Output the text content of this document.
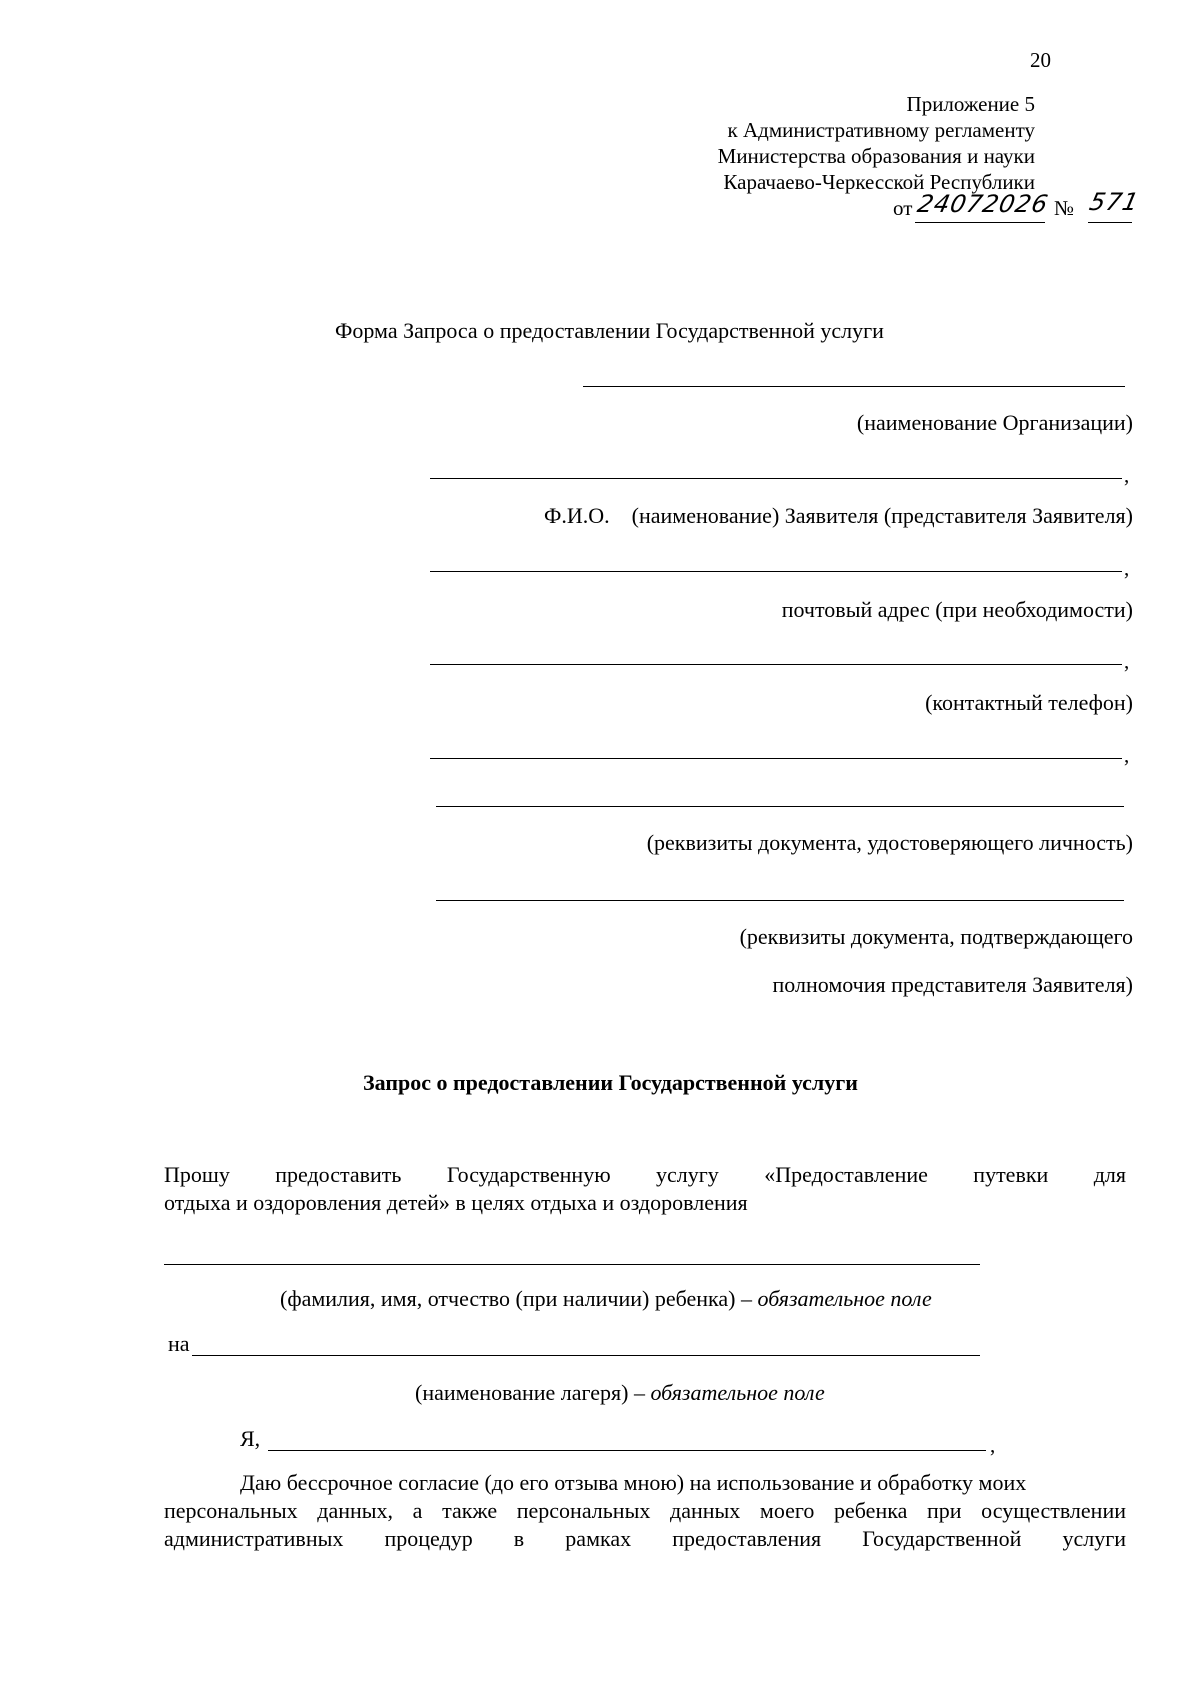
20
Приложение 5
к Административному регламенту
Министерства образования и науки
Карачаево-Черкесской Республики
от 24072026 № 571
Форма Запроса о предоставлении Государственной услуги
(наименование Организации)
,
Ф.И.О.    (наименование) Заявителя (представителя Заявителя)
,
почтовый адрес (при необходимости)
,
(контактный телефон)
,
(реквизиты документа, удостоверяющего личность)
(реквизиты документа, подтверждающего
полномочия представителя Заявителя)
Запрос о предоставлении Государственной услуги
Прошу предоставить Государственную услугу «Предоставление путевки для
отдыха и оздоровления детей» в целях отдыха и оздоровления
(фамилия, имя, отчество (при наличии) ребенка) – обязательное поле
на
(наименование лагеря) – обязательное поле
Я,	,
Даю бессрочное согласие (до его отзыва мною) на использование и обработку моих
персональных данных, а также персональных данных моего ребенка при осуществлении
административных процедур в рамках предоставления Государственной услуги
